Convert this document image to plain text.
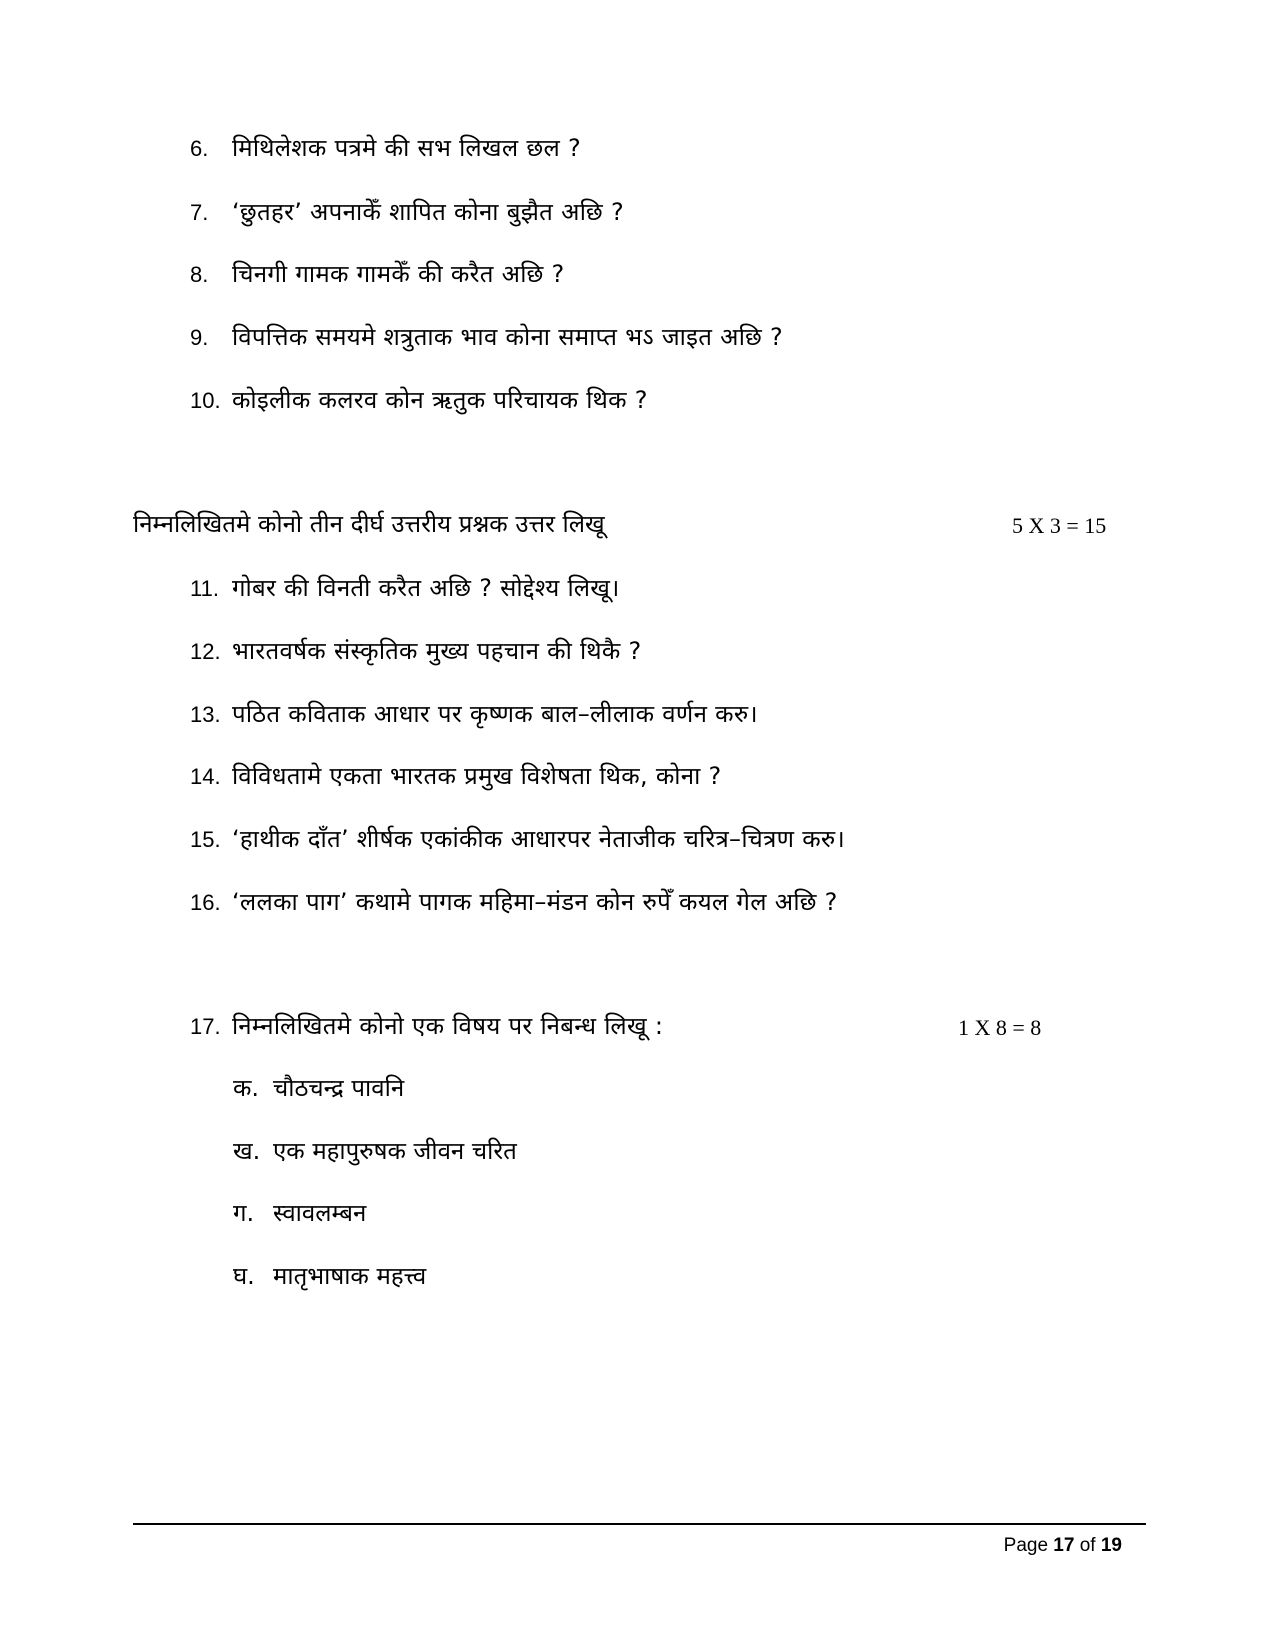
6. मिथिलेशक पत्रमे की सभ लिखल छल ?
7. ‘छुतहर’ अपनाकेँ शापित कोना बुझैत अछि ?
8. चिनगी गामक गामकेँ की करैत अछि ?
9. विपत्तिक समयमे शत्रुताक भाव कोना समाप्त भऽ जाइत अछि ?
10. कोइलीक कलरव कोन ऋतुक परिचायक थिक ?
निम्नलिखितमे कोनो तीन दीर्घ उत्तरीय प्रश्नक उत्तर लिखू	5 X 3 = 15
11. गोबर की विनती करैत अछि ? सोद्देश्य लिखू।
12. भारतवर्षक संस्कृतिक मुख्य पहचान की थिकै ?
13. पठित कविताक आधार पर कृष्णक बाल–लीलाक वर्णन करु।
14. विविधतामे एकता भारतक प्रमुख विशेषता थिक, कोना ?
15. ‘हाथीक दाँत’ शीर्षक एकांकीक आधारपर नेताजीक चरित्र–चित्रण करु।
16. ‘ललका पाग’ कथामे पागक महिमा–मंडन कोन रुपेँ कयल गेल अछि ?
17. निम्नलिखितमे कोनो एक विषय पर निबन्ध लिखू :	1 X 8 = 8
क. चौठचन्द्र पावनि
ख. एक महापुरुषक जीवन चरित
ग. स्वावलम्बन
घ. मातृभाषाक महत्त्व
Page 17 of 19
